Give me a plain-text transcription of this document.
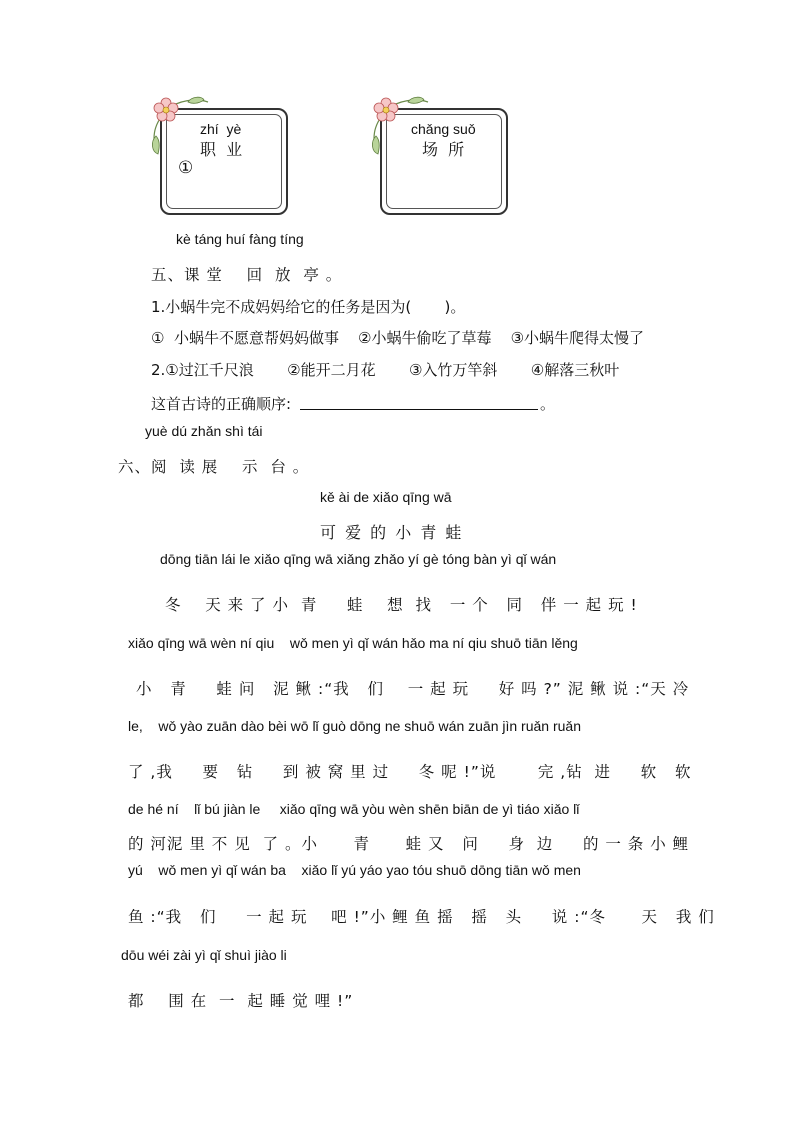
zhí  yè
职  业
①
chǎng suǒ
场  所
kè táng huí fàng tíng
五、课 堂    回  放  亭 。
1.小蜗牛完不成妈妈给它的任务是因为(       )。
①  小蜗牛不愿意帮妈妈做事    ②小蜗牛偷吃了草莓    ③小蜗牛爬得太慢了
2.①过江千尺浪       ②能开二月花       ③入竹万竿斜       ④解落三秋叶
这首古诗的正确顺序:	。
yuè dú zhǎn shì tái
六、阅  读 展    示  台 。
kě ài de xiǎo qīng wā
可 爱 的 小 青 蛙
dōng tiān lái le xiǎo qīng wā xiǎng zhǎo yí gè tóng bàn yì qǐ wán
冬    天 来 了 小  青     蛙    想  找   一 个   同   伴 一 起 玩 !
xiǎo qīng wā wèn ní qiu    wǒ men yì qǐ wán hǎo ma ní qiu shuō tiān lěng
小   青     蛙 问   泥 鳅 :“我   们    一 起 玩     好 吗 ?” 泥 鳅 说 :“天 冷
le,    wǒ yào zuān dào bèi wō lǐ guò dōng ne shuō wán zuān jìn ruǎn ruǎn
了 ,我     要   钻     到 被 窝 里 过     冬 呢 !”说       完 ,钻  进     软   软
de hé ní    lǐ bú jiàn le     xiǎo qīng wā yòu wèn shēn biān de yì tiáo xiǎo lǐ
的 河泥 里 不 见  了 。小      青      蛙 又   问     身  边     的 一 条 小 鲤
yú    wǒ men yì qǐ wán ba    xiǎo lǐ yú yáo yao tóu shuō dōng tiān wǒ men
鱼 :“我   们     一 起 玩    吧 !”小 鲤 鱼 摇   摇   头     说 :“冬      天   我 们
dōu wéi zài yì qǐ shuì jiào li
都    围 在  一  起 睡 觉 哩 !”
